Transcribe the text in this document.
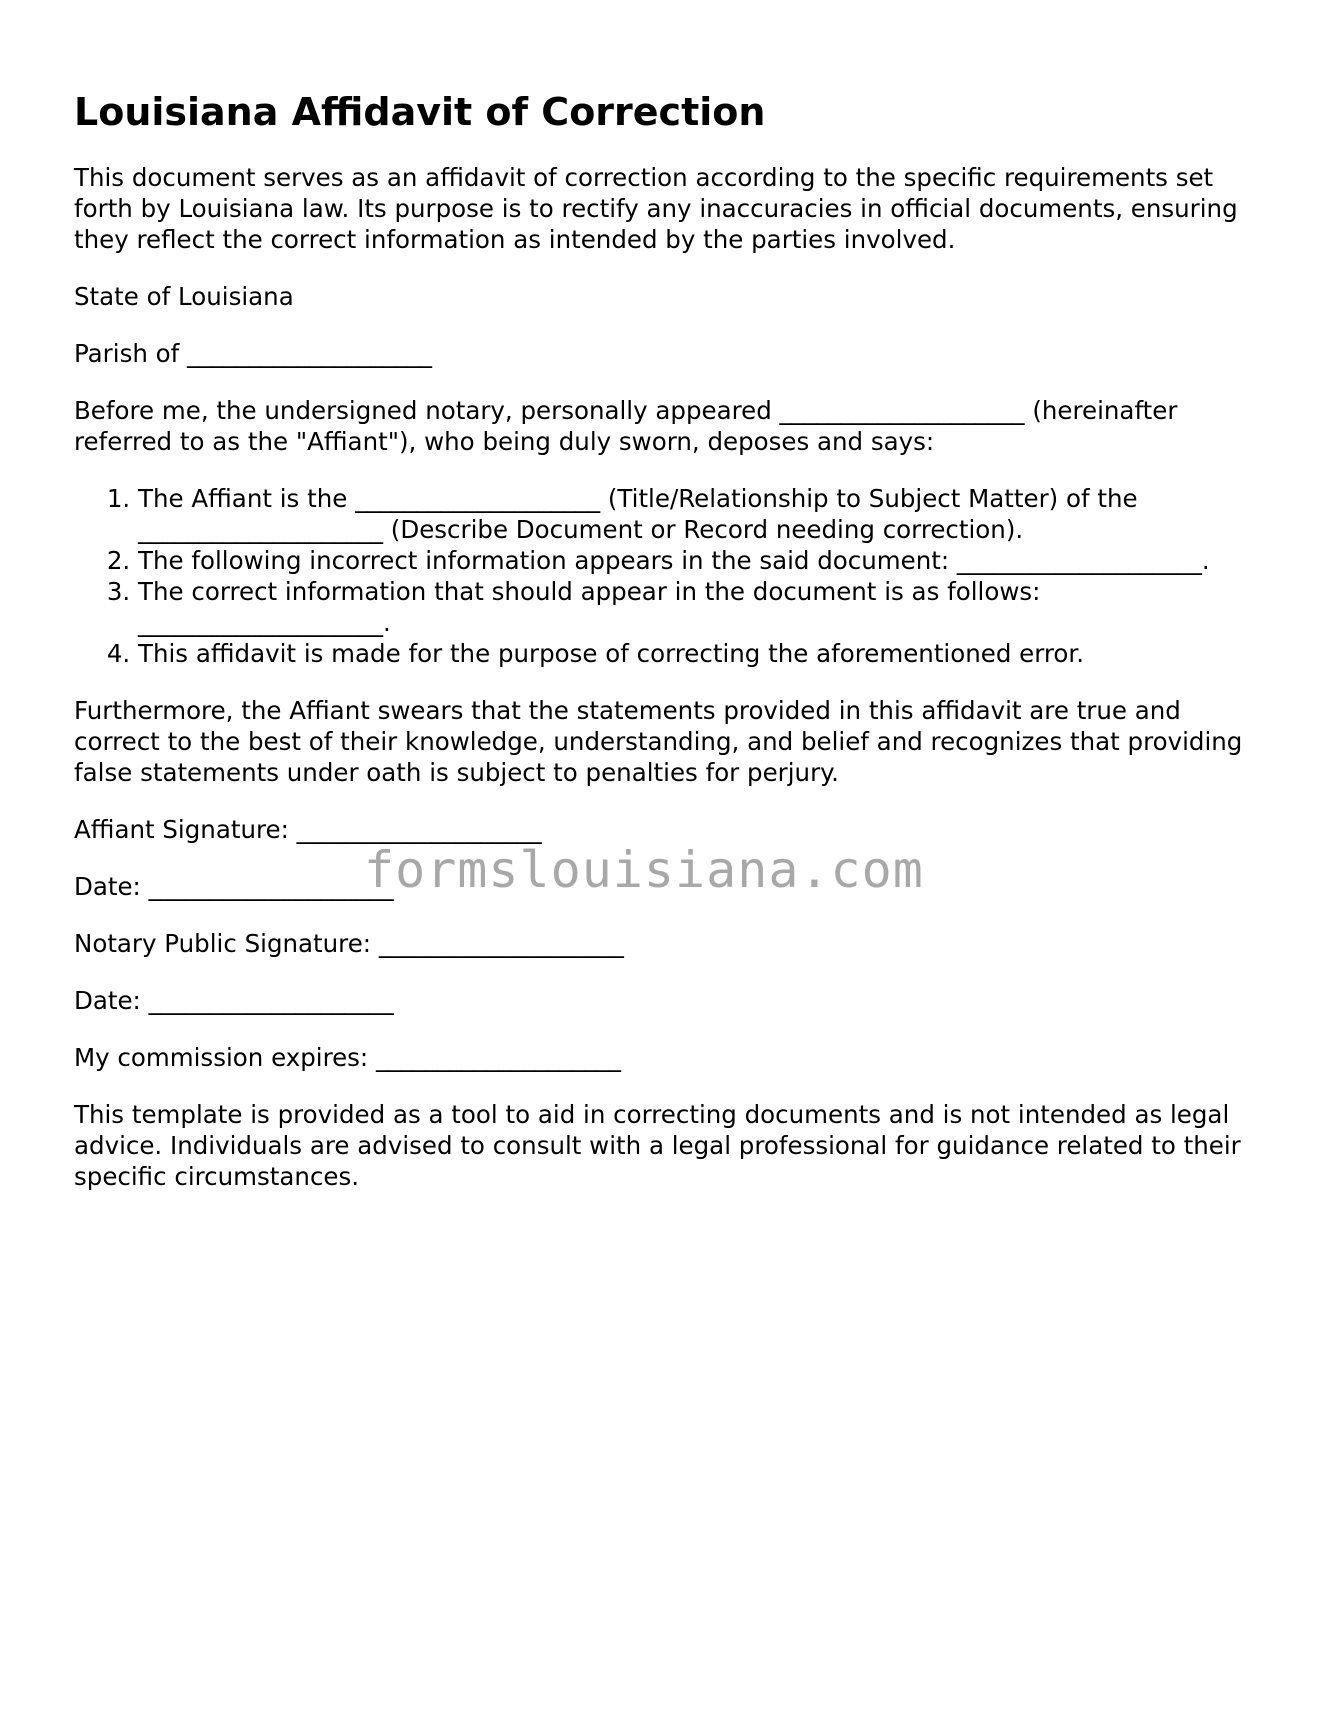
Louisiana Affidavit of Correction

This document serves as an affidavit of correction according to the specific requirements set forth by Louisiana law. Its purpose is to rectify any inaccuracies in official documents, ensuring they reflect the correct information as intended by the parties involved.

State of Louisiana

Parish of ____________________

Before me, the undersigned notary, personally appeared ____________________ (hereinafter referred to as the "Affiant"), who being duly sworn, deposes and says:

1. The Affiant is the ____________________ (Title/Relationship to Subject Matter) of the ____________________ (Describe Document or Record needing correction).
2. The following incorrect information appears in the said document: ____________________.
3. The correct information that should appear in the document is as follows: ____________________.
4. This affidavit is made for the purpose of correcting the aforementioned error.

Furthermore, the Affiant swears that the statements provided in this affidavit are true and correct to the best of their knowledge, understanding, and belief and recognizes that providing false statements under oath is subject to penalties for perjury.

Affiant Signature: ____________________

Date: ____________________

Notary Public Signature: ____________________

Date: ____________________

My commission expires: ____________________

This template is provided as a tool to aid in correcting documents and is not intended as legal advice. Individuals are advised to consult with a legal professional for guidance related to their specific circumstances.

formslouisiana.com
